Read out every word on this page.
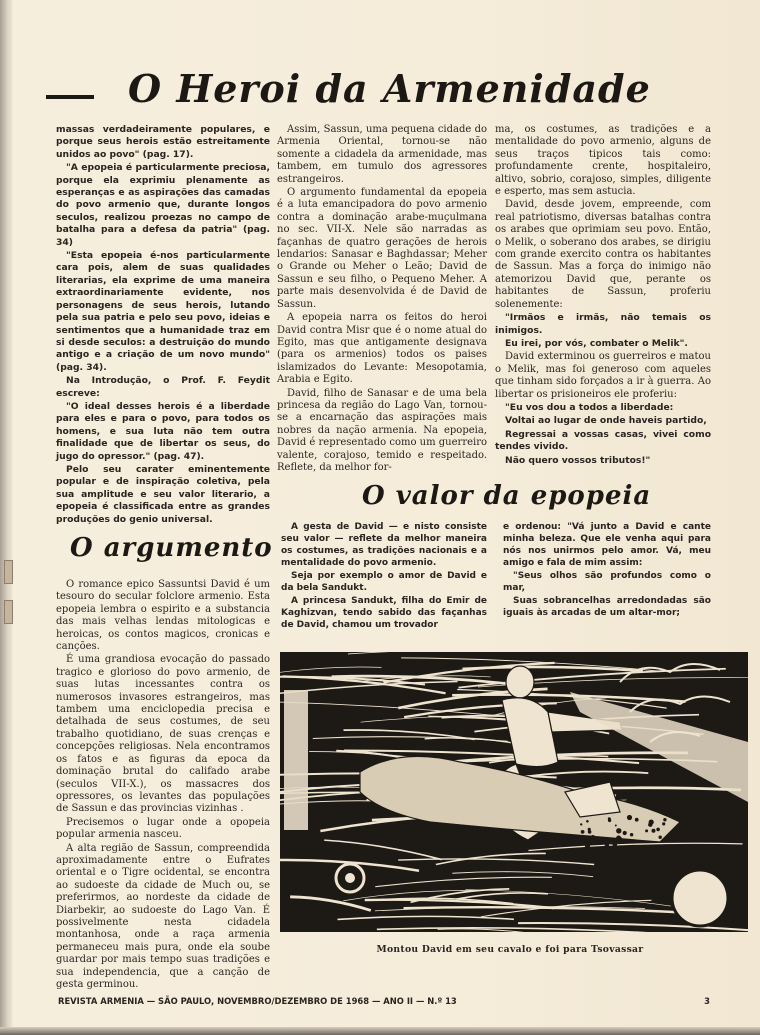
O Heroi da Armenidade

massas verdadeiramente populares, e porque seus herois estão estreitamente unidos ao povo" (pag. 17).

"A epopeia é particularmente preciosa, porque ela exprimiu plenamente as esperanças e as aspirações das camadas do povo armenio que, durante longos seculos, realizou proezas no campo de batalha para a defesa da patria" (pag. 34)

"Esta epopeia é-nos particularmente cara pois, alem de suas qualidades literarias, ela exprime de uma maneira extraordinariamente evidente, nos personagens de seus herois, lutando pela sua patria e pelo seu povo, ideias e sentimentos que a humanidade traz em si desde seculos: a destruição do mundo antigo e a criação de um novo mundo" (pag. 34).

Na Introdução, o Prof. F. Feydit escreve:

"O ideal desses herois é a liberdade para eles e para o povo, para todos os homens, e sua luta não tem outra finalidade que de libertar os seus, do jugo do opressor." (pag. 47).

Pelo seu carater eminentemente popular e de inspiração coletiva, pela sua amplitude e seu valor literario, a epopeia é classificada entre as grandes produções do genio universal.

Assim, Sassun, uma pequena cidade do Armenia Oriental, tornou-se não somente a cidadela da armenidade, mas tambem, em tumulo dos agressores estrangeiros.

O argumento fundamental da epopeia é a luta emancipadora do povo armenio contra a dominação arabe-muçulmana no sec. VII-X. Nele são narradas as façanhas de quatro gerações de herois lendarios: Sanasar e Baghdassar; Meher o Grande ou Meher o Leão; David de Sassun e seu filho, o Pequeno Meher. A parte mais desenvolvida é de David de Sassun.

A epopeia narra os feitos do heroi David contra Misr que é o nome atual do Egito, mas que antigamente designava (para os armenios) todos os paises islamizados do Levante: Mesopotamia, Arabia e Egito.

David, filho de Sanasar e de uma bela princesa da região do Lago Van, tornou-se a encarnação das aspirações mais nobres da nação armenia. Na epopeia, David é representado como um guerreiro valente, corajoso, temido e respeitado. Reflete, da melhor for-

ma, os costumes, as tradições e a mentalidade do povo armenio, alguns de seus traços tipicos tais como: profundamente crente, hospitaleiro, altivo, sobrio, corajoso, simples, diligente e esperto, mas sem astucia.

David, desde jovem, empreende, com real patriotismo, diversas batalhas contra os arabes que oprimiam seu povo. Então, o Melik, o soberano dos arabes, se dirigiu com grande exercito contra os habitantes de Sassun. Mas a força do inimigo não atemorizou David que, perante os habitantes de Sassun, proferiu solenemente:

"Irmãos e irmãs, não temais os inimigos.

Eu irei, por vós, combater o Melik".

David exterminou os guerreiros e matou o Melik, mas foi generoso com aqueles que tinham sido forçados a ir à guerra. Ao libertar os prisioneiros ele proferiu:

"Eu vos dou a todos a liberdade:

Voltai ao lugar de onde haveis partido,

Regressai a vossas casas, vivei como tendes vivido.

Não quero vossos tributos!"

O valor da epopeia
O argumento

O romance epico Sassuntsi David é um tesouro do secular folclore armenio. Esta epopeia lembra o espirito e a substancia das mais velhas lendas mitologicas e heroicas, os contos magicos, cronicas e canções.

É uma grandiosa evocação do passado tragico e glorioso do povo armenio, de suas lutas incessantes contra os numerosos invasores estrangeiros, mas tambem uma enciclopedia precisa e detalhada de seus costumes, de seu trabalho quotidiano, de suas crenças e concepções religiosas. Nela encontramos os fatos e as figuras da epoca da dominação brutal do califado arabe (seculos VII-X.), os massacres dos opressores, os levantes das populações de Sassun e das provincias vizinhas .

Precisemos o lugar onde a opopeia popular armenia nasceu.

A alta região de Sassun, compreendida aproximadamente entre o Eufrates oriental e o Tigre ocidental, se encontra ao sudoeste da cidade de Much ou, se preferirmos, ao nordeste da cidade de Diarbekir, ao sudoeste do Lago Van. É possivelmente nesta cidadela montanhosa, onde a raça armenia permaneceu mais pura, onde ela soube guardar por mais tempo suas tradições e sua independencia, que a canção de gesta germinou.

A gesta de David — e nisto consiste seu valor — reflete da melhor maneira os costumes, as tradições nacionais e a mentalidade do povo armenio.

Seja por exemplo o amor de David e da bela Sandukt.

A princesa Sandukt, filha do Emir de Kaghizvan, tendo sabido das façanhas de David, chamou um trovador

e ordenou: "Vá junto a David e cante minha beleza. Que ele venha aqui para nós nos unirmos pelo amor. Vá, meu amigo e fala de mim assim:

"Seus olhos são profundos como o mar,

Suas sobrancelhas arredondadas são iguais às arcadas de um altar-mor;

Montou David em seu cavalo e foi para Tsovassar
REVISTA ARMENIA — SÃO PAULO, NOVEMBRO/DEZEMBRO DE 1968 — ANO II — N.º 13	3
